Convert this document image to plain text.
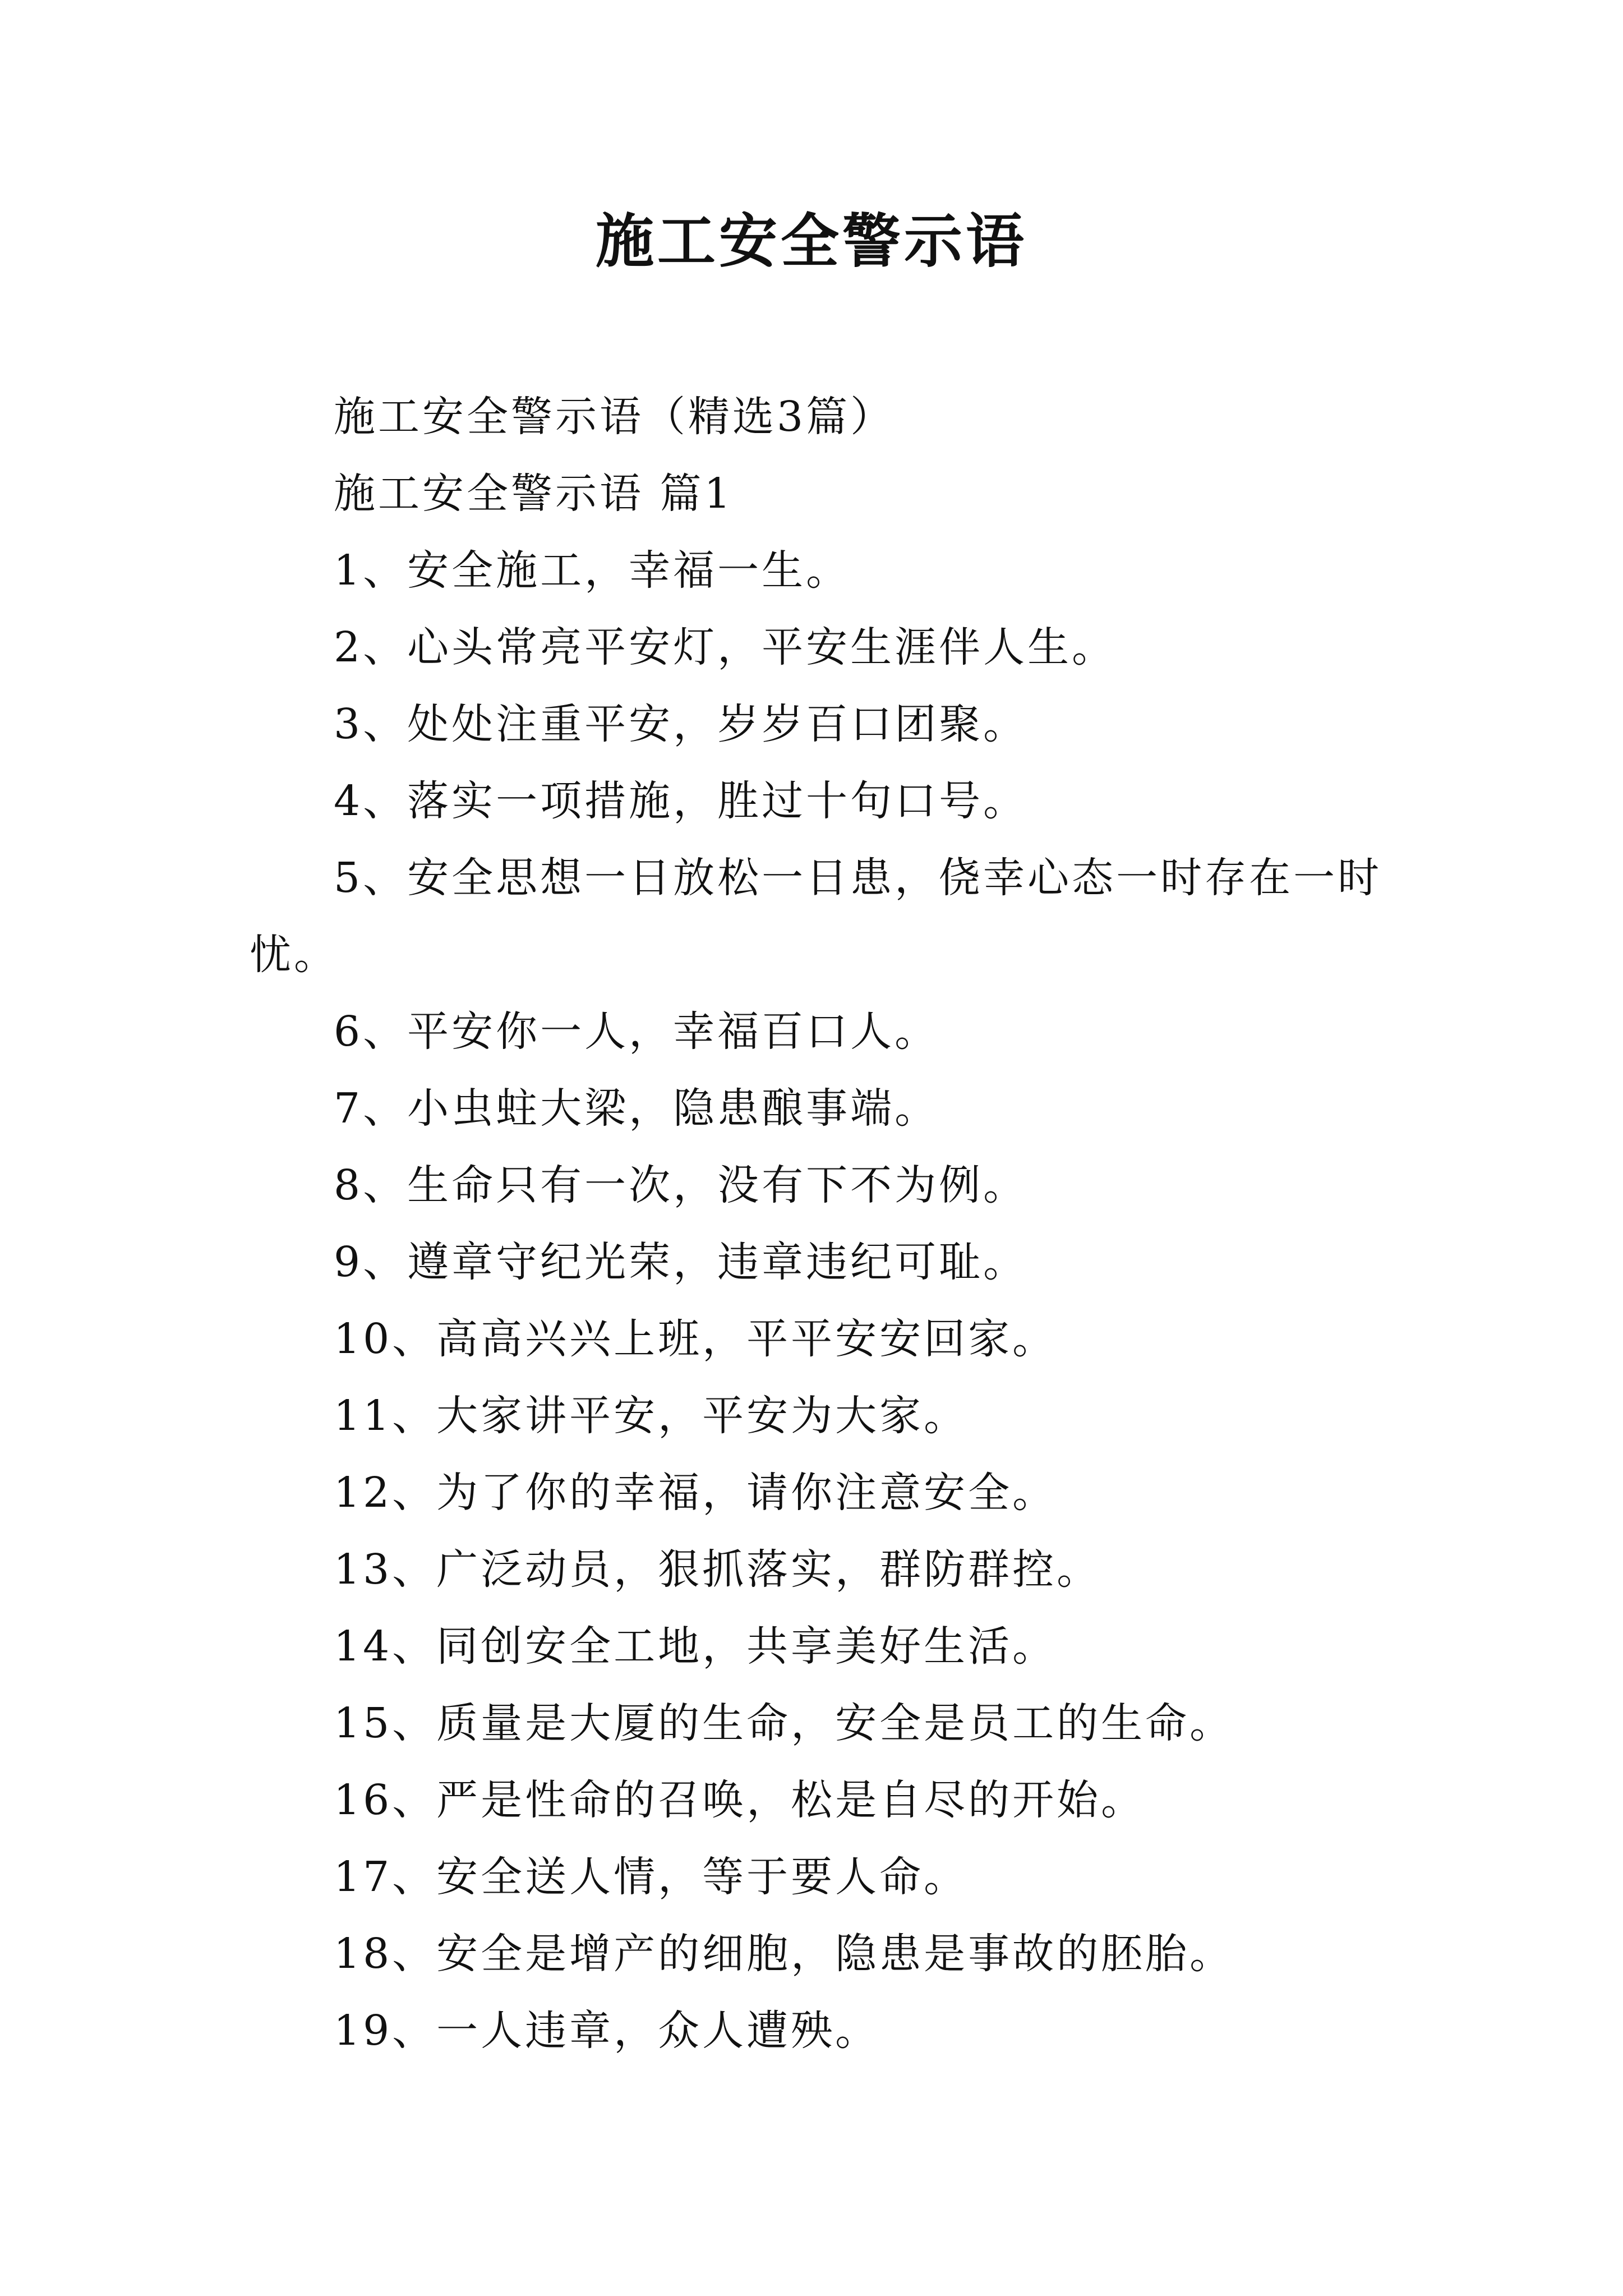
施工安全警示语

施工安全警示语（精选3篇）

施工安全警示语 篇1

1、安全施工，幸福一生。

2、心头常亮平安灯，平安生涯伴人生。

3、处处注重平安，岁岁百口团聚。

4、落实一项措施，胜过十句口号。

5、安全思想一日放松一日患，侥幸心态一时存在一时忧。

6、平安你一人，幸福百口人。

7、小虫蛀大梁，隐患酿事端。

8、生命只有一次，没有下不为例。

9、遵章守纪光荣，违章违纪可耻。

10、高高兴兴上班，平平安安回家。

11、大家讲平安，平安为大家。

12、为了你的幸福，请你注意安全。

13、广泛动员，狠抓落实，群防群控。

14、同创安全工地，共享美好生活。

15、质量是大厦的生命，安全是员工的生命。

16、严是性命的召唤，松是自尽的开始。

17、安全送人情，等于要人命。

18、安全是增产的细胞，隐患是事故的胚胎。

19、一人违章，众人遭殃。
